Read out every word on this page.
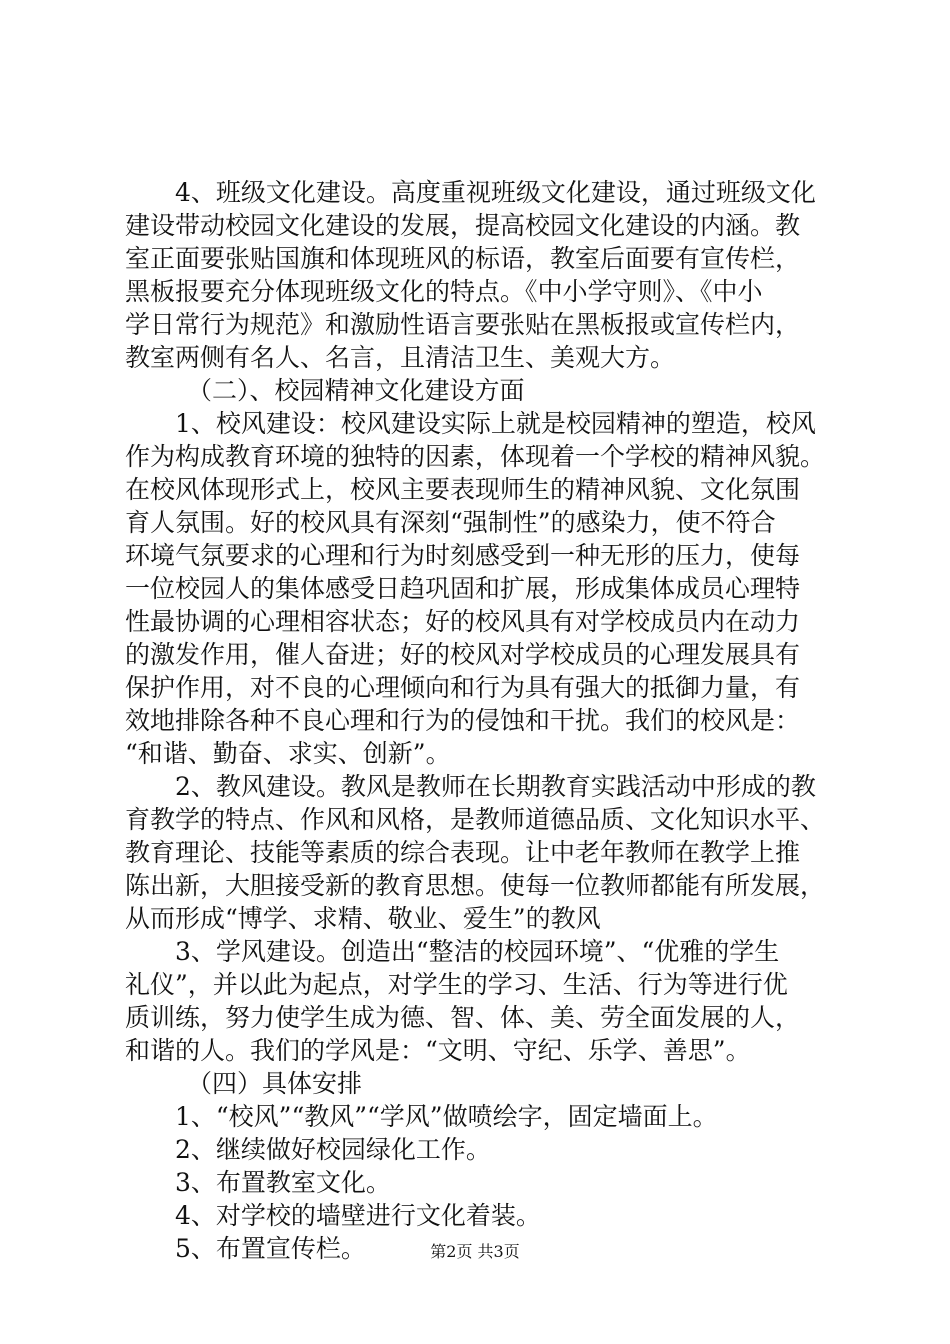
4、班级文化建设。高度重视班级文化建设，通过班级文化
建设带动校园文化建设的发展，提高校园文化建设的内涵。教
室正面要张贴国旗和体现班风的标语，教室后面要有宣传栏，
黑板报要充分体现班级文化的特点。《中小学守则》、《中小
学日常行为规范》和激励性语言要张贴在黑板报或宣传栏内，
教室两侧有名人、名言，且清洁卫生、美观大方。
（二）、校园精神文化建设方面
1、校风建设：校风建设实际上就是校园精神的塑造，校风
作为构成教育环境的独特的因素，体现着一个学校的精神风貌。
在校风体现形式上，校风主要表现师生的精神风貌、文化氛围
育人氛围。好的校风具有深刻“强制性”的感染力，使不符合
环境气氛要求的心理和行为时刻感受到一种无形的压力，使每
一位校园人的集体感受日趋巩固和扩展，形成集体成员心理特
性最协调的心理相容状态；好的校风具有对学校成员内在动力
的激发作用，催人奋进；好的校风对学校成员的心理发展具有
保护作用，对不良的心理倾向和行为具有强大的抵御力量，有
效地排除各种不良心理和行为的侵蚀和干扰。我们的校风是：
“和谐、勤奋、求实、创新”。
2、教风建设。教风是教师在长期教育实践活动中形成的教
育教学的特点、作风和风格，是教师道德品质、文化知识水平、
教育理论、技能等素质的综合表现。让中老年教师在教学上推
陈出新，大胆接受新的教育思想。使每一位教师都能有所发展，
从而形成“博学、求精、敬业、爱生”的教风
3、学风建设。创造出“整洁的校园环境”、“优雅的学生
礼仪”，并以此为起点，对学生的学习、生活、行为等进行优
质训练，努力使学生成为德、智、体、美、劳全面发展的人，
和谐的人。我们的学风是：“文明、守纪、乐学、善思”。
（四）具体安排
1、“校风”“教风”“学风”做喷绘字，固定墙面上。
2、继续做好校园绿化工作。
3、布置教室文化。
4、对学校的墙壁进行文化着装。
5、布置宣传栏。	第2页 共3页
